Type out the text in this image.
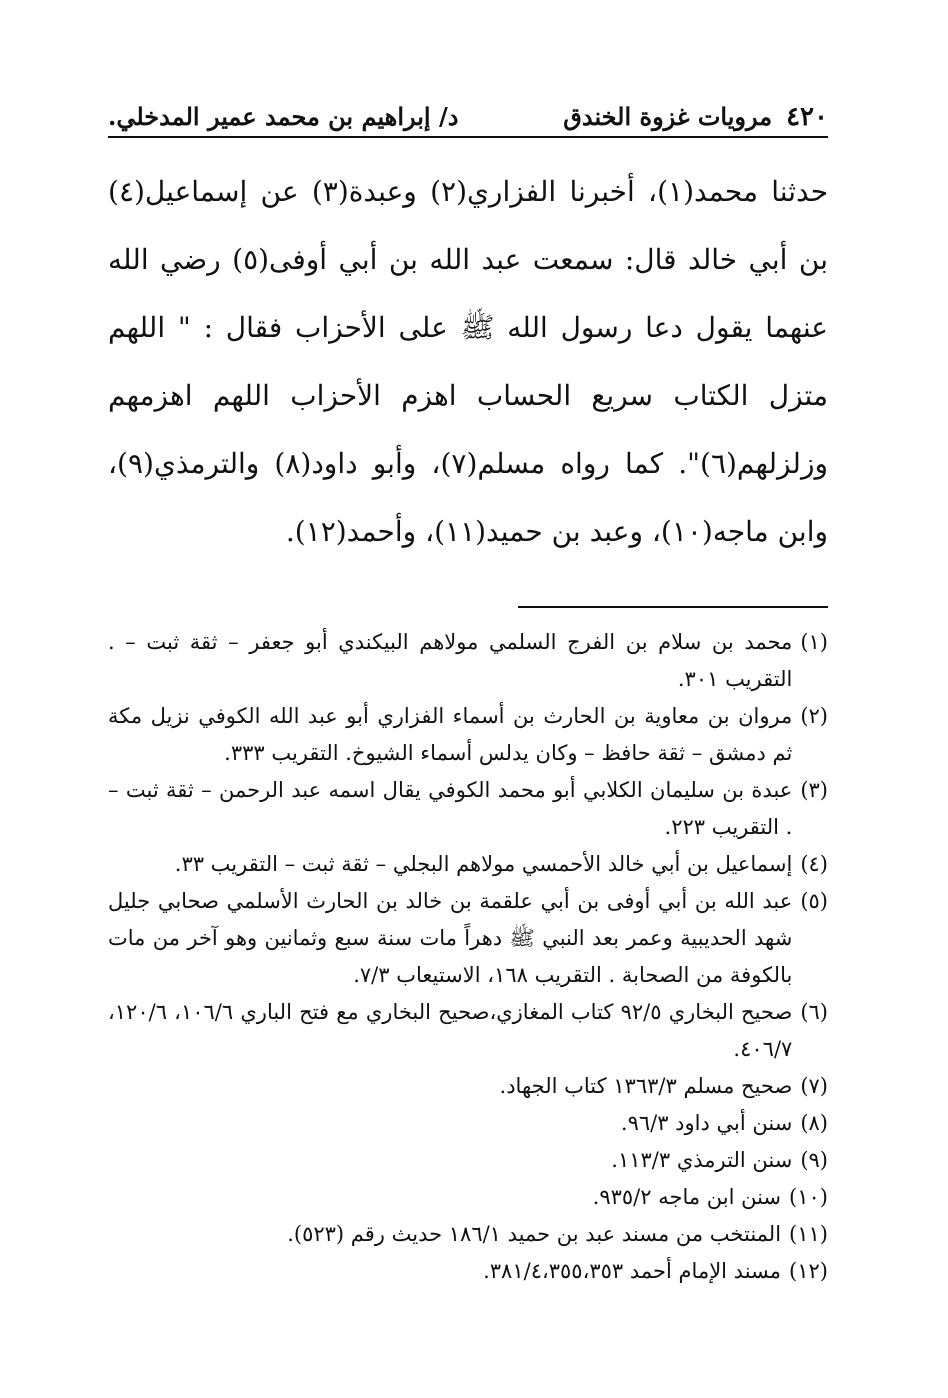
٤٢٠
مرويات غزوة الخندق
د/ إبراهيم بن محمد عمير المدخلي.
حدثنا محمد(١)، أخبرنا الفزاري(٢) وعبدة(٣) عن إسماعيل(٤) بن أبي خالد قال: سمعت عبد الله بن أبي أوفى(٥) رضي الله عنهما يقول دعا رسول الله ﷺ على الأحزاب فقال : " اللهم متزل الكتاب سريع الحساب اهزم الأحزاب اللهم اهزمهم وزلزلهم(٦)". كما رواه مسلم(٧)، وأبو داود(٨) والترمذي(٩)، وابن ماجه(١٠)، وعبد بن حميد(١١)، وأحمد(١٢).
(١)
محمد بن سلام بن الفرج السلمي مولاهم البيكندي أبو جعفر – ثقة ثبت – . التقريب ٣٠١.
(٢)
مروان بن معاوية بن الحارث بن أسماء الفزاري أبو عبد الله الكوفي نزيل مكة ثم دمشق – ثقة حافظ – وكان يدلس أسماء الشيوخ. التقريب ٣٣٣.
(٣)
عبدة بن سليمان الكلابي أبو محمد الكوفي يقال اسمه عبد الرحمن – ثقة ثبت – . التقريب ٢٢٣.
(٤)
إسماعيل بن أبي خالد الأحمسي مولاهم البجلي – ثقة ثبت – التقريب ٣٣.
(٥)
عبد الله بن أبي أوفى بن أبي علقمة بن خالد بن الحارث الأسلمي صحابي جليل شهد الحديبية وعمر بعد النبي ﷺ دهراً مات سنة سبع وثمانين وهو آخر من مات بالكوفة من الصحابة . التقريب ١٦٨، الاستيعاب ٧/٣.
(٦)
صحيح البخاري ٩٢/٥ كتاب المغازي،صحيح البخاري مع فتح الباري ١٠٦/٦، ١٢٠/٦، ٤٠٦/٧.
(٧)
صحيح مسلم ١٣٦٣/٣ كتاب الجهاد.
(٨)
سنن أبي داود ٩٦/٣.
(٩)
سنن الترمذي ١١٣/٣.
(١٠)
سنن ابن ماجه ٩٣٥/٢.
(١١)
المنتخب من مسند عبد بن حميد ١٨٦/١ حديث رقم (٥٢٣).
(١٢)
مسند الإمام أحمد ٣٨١/٤،٣٥٥،٣٥٣.
